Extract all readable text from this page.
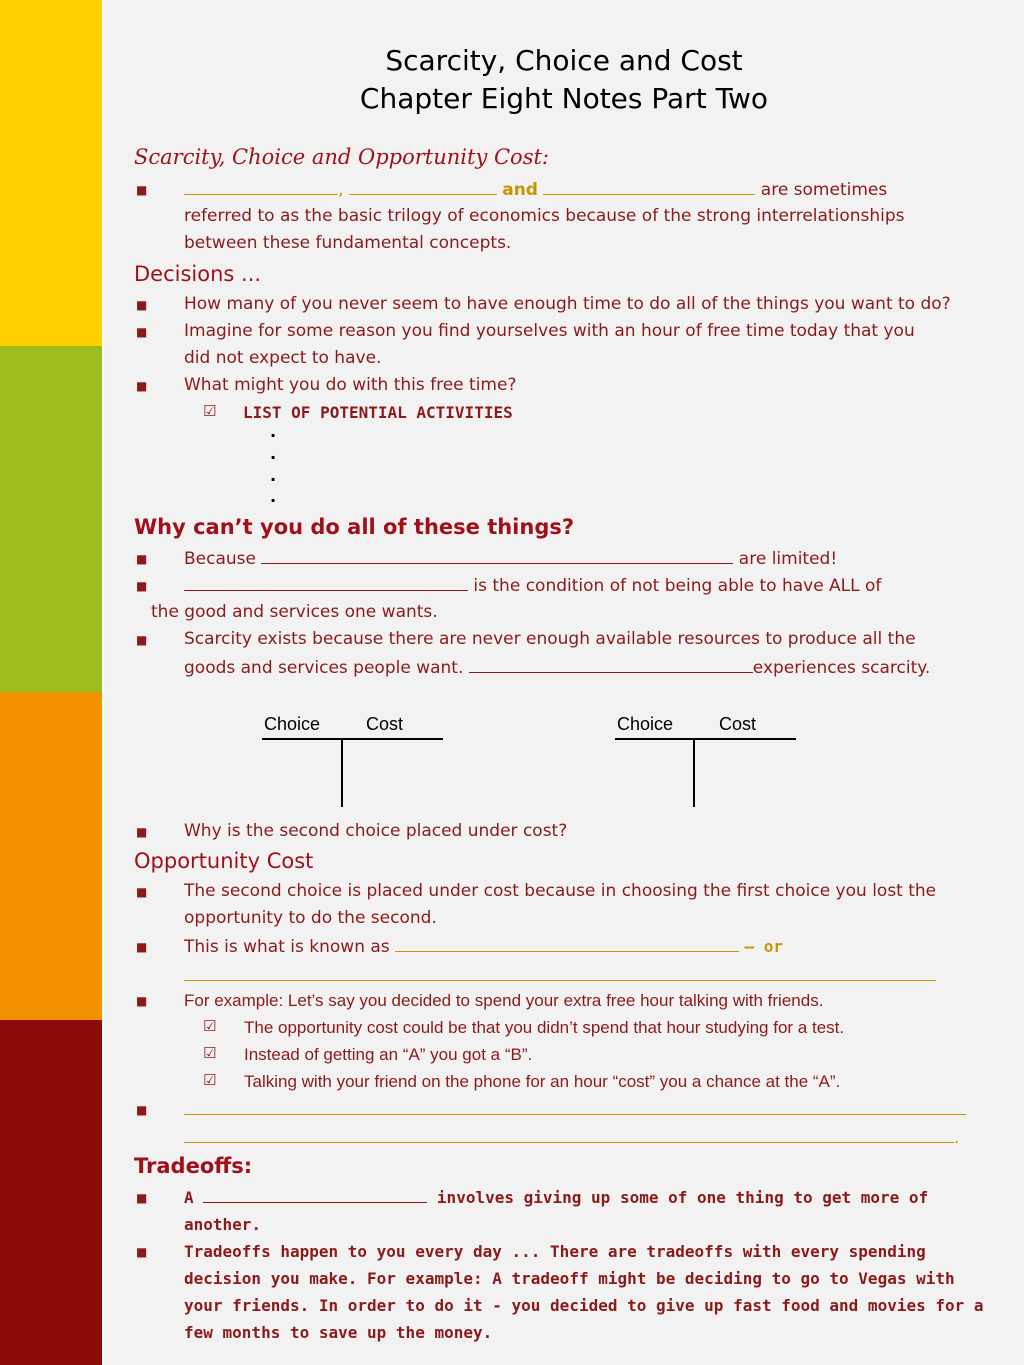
Scarcity, Choice and Cost
Chapter Eight Notes Part Two
Scarcity, Choice and Opportunity Cost:
■	,	and	are sometimes
referred to as the basic trilogy of economics because of the strong interrelationships
between these fundamental concepts.
Decisions ...
■ How many of you never seem to have enough time to do all of the things you want to do?
■ Imagine for some reason you find yourselves with an hour of free time today that you
did not expect to have.
■ What might you do with this free time?
☑ LIST OF POTENTIAL ACTIVITIES
.
.
.
.
Why can’t you do all of these things?
■ Because	are limited!
■	is the condition of not being able to have ALL of
the good and services one wants.
■ Scarcity exists because there are never enough available resources to produce all the
goods and services people want.	experiences scarcity.
Choice	Cost	Choice	Cost
■ Why is the second choice placed under cost?
Opportunity Cost
■ The second choice is placed under cost because in choosing the first choice you lost the
opportunity to do the second.
■ This is what is known as	– or
■ For example: Let’s say you decided to spend your extra free hour talking with friends.
☑ The opportunity cost could be that you didn’t spend that hour studying for a test.
☑ Instead of getting an “A” you got a “B”.
☑ Talking with your friend on the phone for an hour “cost” you a chance at the “A”.
■
.
Tradeoffs:
■ A	involves giving up some of one thing to get more of
another.
■ Tradeoffs happen to you every day ... There are tradeoffs with every spending
decision you make. For example: A tradeoff might be deciding to go to Vegas with
your friends. In order to do it - you decided to give up fast food and movies for a
few months to save up the money.
